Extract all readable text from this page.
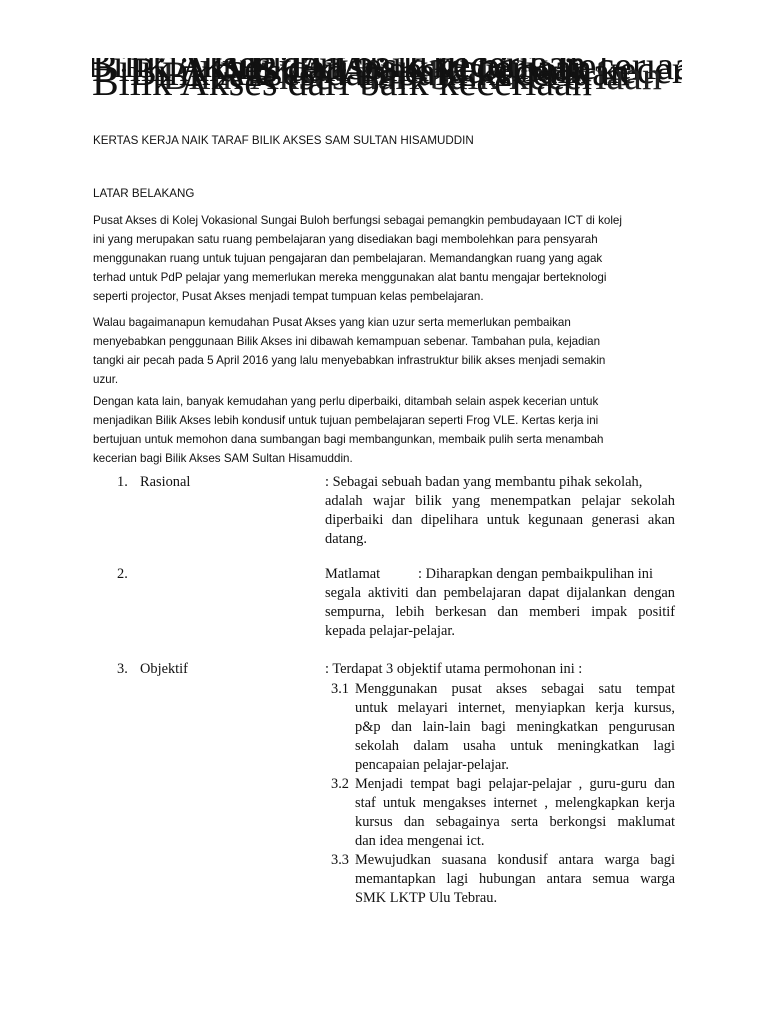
Bilik Akses dari baik keceriaan
KERTAS KERJA NAIK TARAF BILIK AKSES SAM SULTAN HISAMUDDIN
LATAR BELAKANG
Pusat Akses di Kolej Vokasional Sungai Buloh berfungsi sebagai pemangkin pembudayaan ICT di kolej
ini yang merupakan satu ruang pembelajaran yang disediakan bagi membolehkan para pensyarah
menggunakan ruang untuk tujuan pengajaran dan pembelajaran. Memandangkan ruang yang agak
terhad untuk PdP pelajar yang memerlukan mereka menggunakan alat bantu mengajar berteknologi
seperti projector, Pusat Akses menjadi tempat tumpuan kelas pembelajaran.
Walau bagaimanapun kemudahan Pusat Akses yang kian uzur serta memerlukan pembaikan
menyebabkan penggunaan Bilik Akses ini dibawah kemampuan sebenar. Tambahan pula, kejadian
tangki air pecah pada 5 April 2016 yang lalu menyebabkan infrastruktur bilik akses menjadi semakin
uzur.
Dengan kata lain, banyak kemudahan yang perlu diperbaiki, ditambah selain aspek kecerian untuk
menjadikan Bilik Akses lebih kondusif untuk tujuan pembelajaran seperti Frog VLE. Kertas kerja ini
bertujuan untuk memohon dana sumbangan bagi membangunkan, membaik pulih serta menambah
kecerian bagi Bilik Akses SAM Sultan Hisamuddin.
1. Rasional	: Sebagai sebuah badan yang membantu pihak sekolah,
adalah wajar bilik yang menempatkan pelajar sekolah
diperbaiki dan dipelihara untuk kegunaan generasi akan
datang.
2.	Matlamat	: Diharapkan dengan pembaikpulihan ini
segala aktiviti dan pembelajaran dapat dijalankan dengan
sempurna, lebih berkesan dan memberi impak positif
kepada pelajar-pelajar.
3. Objektif	: Terdapat 3 objektif utama permohonan ini :
3.1 Menggunakan pusat akses sebagai satu tempat
untuk melayari internet, menyiapkan kerja kursus,
p&p dan lain-lain bagi meningkatkan pengurusan
sekolah dalam usaha untuk meningkatkan lagi
pencapaian pelajar-pelajar.
3.2 Menjadi tempat bagi pelajar-pelajar , guru-guru dan
staf untuk mengakses internet , melengkapkan kerja
kursus dan sebagainya serta berkongsi maklumat
dan idea mengenai ict.
3.3 Mewujudkan suasana kondusif antara warga bagi
memantapkan lagi hubungan antara semua warga
SMK LKTP Ulu Tebrau.
